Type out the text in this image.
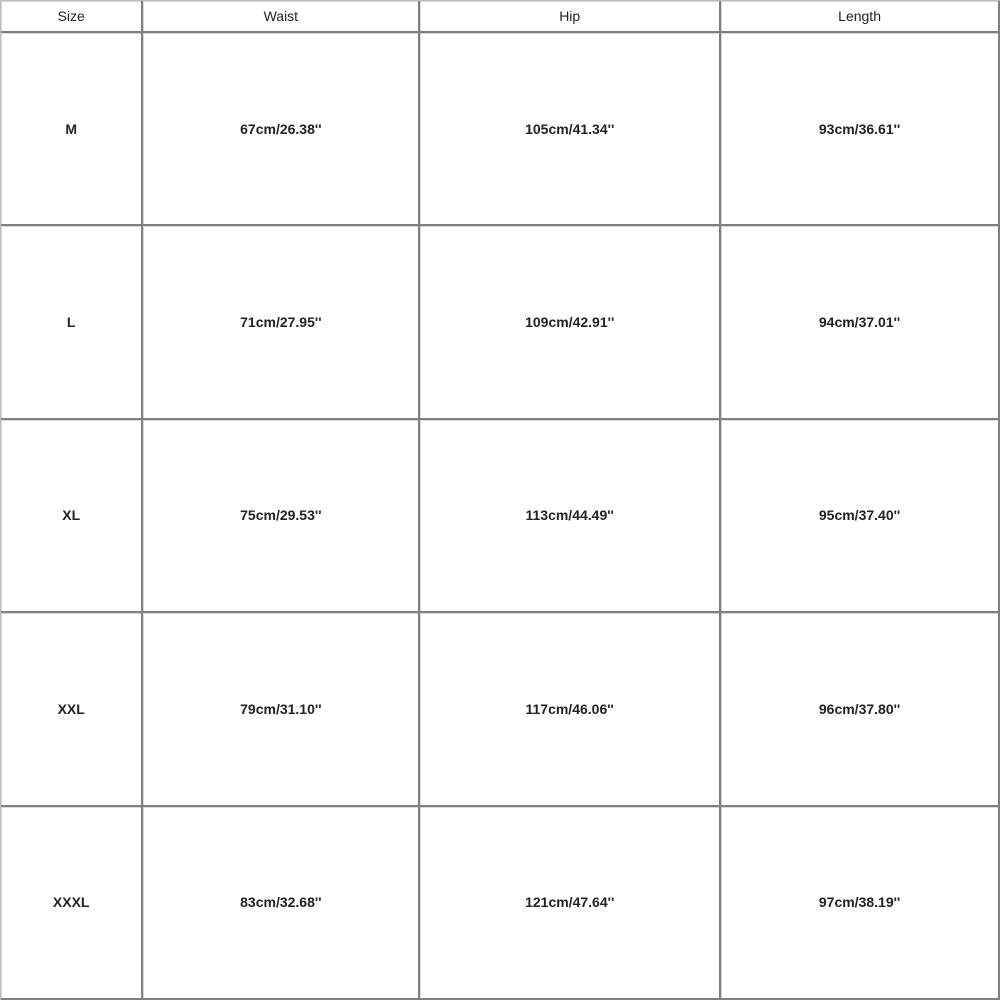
Size	Waist	Hip	Length
M	67cm/26.38''	105cm/41.34''	93cm/36.61''
L	71cm/27.95''	109cm/42.91''	94cm/37.01''
XL	75cm/29.53''	113cm/44.49''	95cm/37.40''
XXL	79cm/31.10''	117cm/46.06''	96cm/37.80''
XXXL	83cm/32.68''	121cm/47.64''	97cm/38.19''
